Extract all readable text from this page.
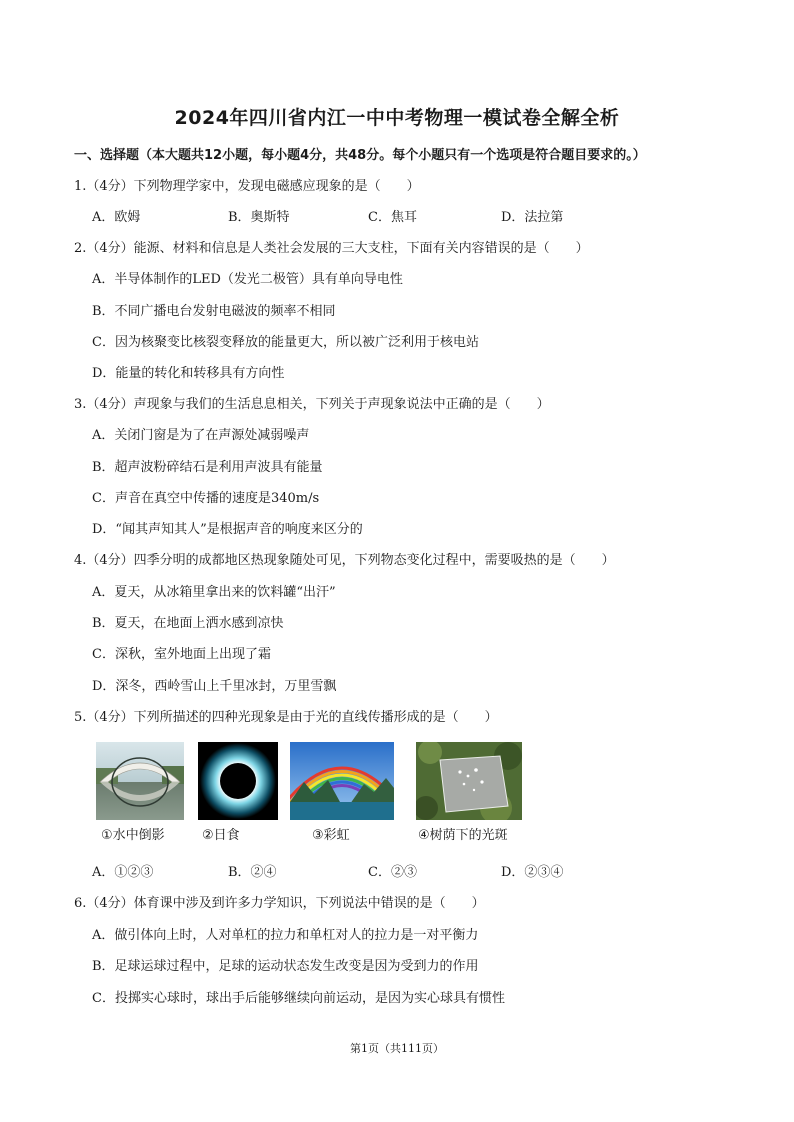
2024年四川省内江一中中考物理一模试卷全解全析
一、选择题（本大题共12小题，每小题4分，共48分。每个小题只有一个选项是符合题目要求的。）
1.（4分）下列物理学家中，发现电磁感应现象的是（　　）
A．欧姆	B．奥斯特	C．焦耳	D．法拉第
2.（4分）能源、材料和信息是人类社会发展的三大支柱，下面有关内容错误的是（　　）
A．半导体制作的LED（发光二极管）具有单向导电性
B．不同广播电台发射电磁波的频率不相同
C．因为核聚变比核裂变释放的能量更大，所以被广泛利用于核电站
D．能量的转化和转移具有方向性
3.（4分）声现象与我们的生活息息相关，下列关于声现象说法中正确的是（　　）
A．关闭门窗是为了在声源处减弱噪声
B．超声波粉碎结石是利用声波具有能量
C．声音在真空中传播的速度是340m/s
D．“闻其声知其人”是根据声音的响度来区分的
4.（4分）四季分明的成都地区热现象随处可见，下列物态变化过程中，需要吸热的是（　　）
A．夏天，从冰箱里拿出来的饮料罐“出汗”
B．夏天，在地面上洒水感到凉快
C．深秋，室外地面上出现了霜
D．深冬，西岭雪山上千里冰封，万里雪飘
5.（4分）下列所描述的四种光现象是由于光的直线传播形成的是（　　）
①水中倒影	②日食	③彩虹	④树荫下的光斑
A．①②③	B．②④	C．②③	D．②③④
6.（4分）体育课中涉及到许多力学知识，下列说法中错误的是（　　）
A．做引体向上时，人对单杠的拉力和单杠对人的拉力是一对平衡力
B．足球运球过程中，足球的运动状态发生改变是因为受到力的作用
C．投掷实心球时，球出手后能够继续向前运动，是因为实心球具有惯性
第1页（共111页）
